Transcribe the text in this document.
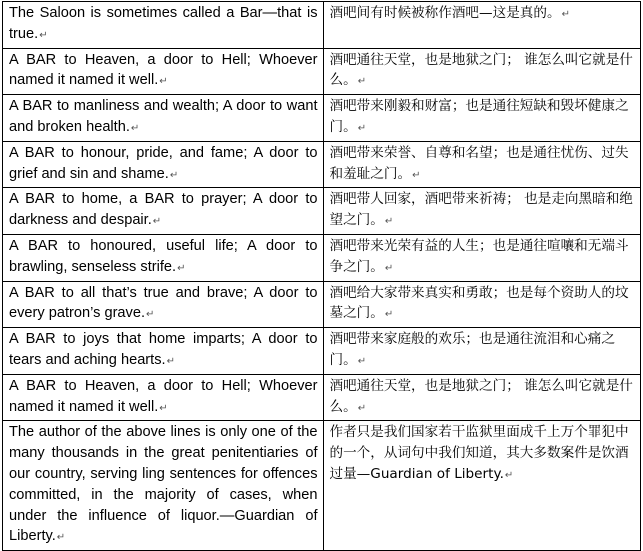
The Saloon is sometimes called a Bar—that is true. ↵	酒吧间有时候被称作酒吧—这是真的。 ↵
A BAR to Heaven, a door to Hell; Whoever named it named it well. ↵	酒吧通往天堂，也是地狱之门； 谁怎么叫它就是什么。 ↵
A BAR to manliness and wealth; A door to want and broken health. ↵	酒吧带来刚毅和财富；也是通往短缺和毁坏健康之门。 ↵
A BAR to honour, pride, and fame; A door to grief and sin and shame. ↵	酒吧带来荣誉、自尊和名望；也是通往忧伤、过失和羞耻之门。 ↵
A BAR to home, a BAR to prayer; A door to darkness and despair. ↵	酒吧带人回家，酒吧带来祈祷； 也是走向黑暗和绝望之门。 ↵
A BAR to honoured, useful life; A door to brawling, senseless strife. ↵	酒吧带来光荣有益的人生；也是通往喧嚷和无端斗争之门。 ↵
A BAR to all that’s true and brave; A door to every patron’s grave. ↵	酒吧给大家带来真实和勇敢；也是每个资助人的坟墓之门。 ↵
A BAR to joys that home imparts; A door to tears and aching hearts. ↵	酒吧带来家庭般的欢乐；也是通往流泪和心痛之门。 ↵
A BAR to Heaven, a door to Hell; Whoever named it named it well. ↵	酒吧通往天堂，也是地狱之门； 谁怎么叫它就是什么。 ↵
The author of the above lines is only one of the many thousands in the great penitentiaries of our country, serving ling sentences for offences committed, in the majority of cases, when under the influence of liquor.—Guardian of Liberty. ↵	作者只是我们国家若干监狱里面成千上万个罪犯中的一个，从词句中我们知道，其大多数案件是饮酒过量—Guardian of Liberty. ↵
